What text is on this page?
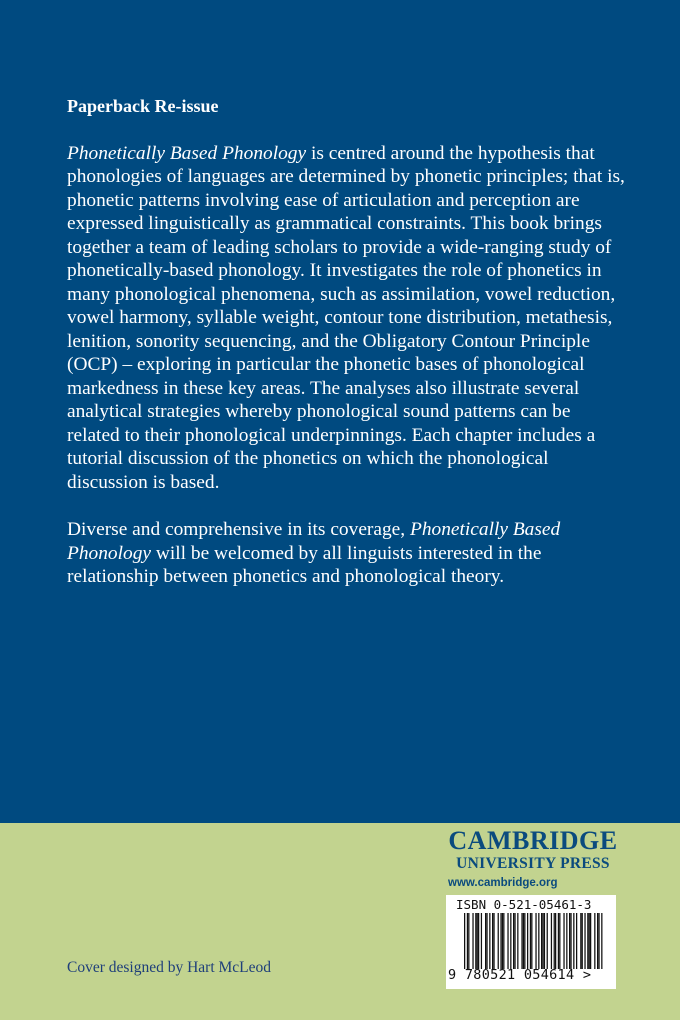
Paperback Re-issue

Phonetically Based Phonology is centred around the hypothesis that phonologies of languages are determined by phonetic principles; that is, phonetic patterns involving ease of articulation and perception are expressed linguistically as grammatical constraints. This book brings together a team of leading scholars to provide a wide-ranging study of phonetically-based phonology. It investigates the role of phonetics in many phonological phenomena, such as assimilation, vowel reduction, vowel harmony, syllable weight, contour tone distribution, metathesis, lenition, sonority sequencing, and the Obligatory Contour Principle (OCP) – exploring in particular the phonetic bases of phonological markedness in these key areas. The analyses also illustrate several analytical strategies whereby phonological sound patterns can be related to their phonological underpinnings. Each chapter includes a tutorial discussion of the phonetics on which the phonological discussion is based.

Diverse and comprehensive in its coverage, Phonetically Based Phonology will be welcomed by all linguists interested in the relationship between phonetics and phonological theory.

CAMBRIDGE
UNIVERSITY PRESS
www.cambridge.org
ISBN 0-521-05461-3
9 780521 054614 >
Cover designed by Hart McLeod
